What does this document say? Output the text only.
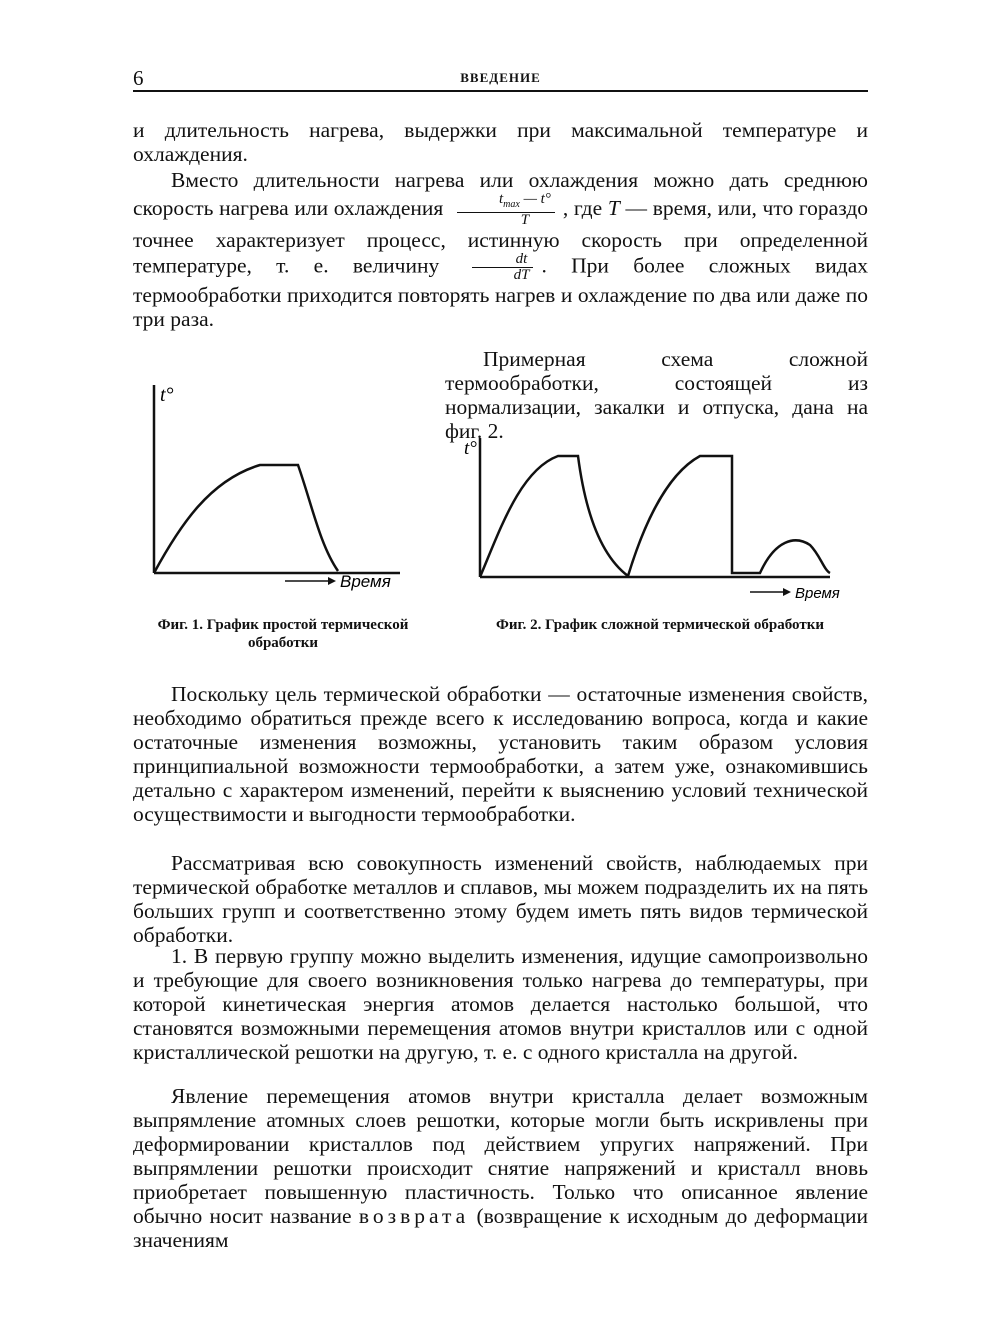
6	ВВЕДЕНИЕ
и длительность нагрева, выдержки при максимальной температуре и охлаждения.
Вместо длительности нагрева или охлаждения можно дать среднюю скорость нагрева или охлаждения $\frac{t_{max} — t^\circ}{T}$ , где T — время, или, что гораздо точнее характеризует процесс, истинную скорость при определенной температуре, т. е. величину $\frac{dt}{dT}$ . При более сложных видах термообработки приходится повторять нагрев и охлаждение по два или даже по три раза.
Примерная схема сложной термообработки, состоящей из нормализации, закалки и отпуска, дана на фиг. 2.
t°
Время
t°
Время
Фиг. 1. График простой термической обработки
Фиг. 2. График сложной термической обработки
Поскольку цель термической обработки — остаточные изменения свойств, необходимо обратиться прежде всего к исследованию вопроса, когда и какие остаточные изменения возможны, установить таким образом условия принципиальной возможности термообработки, а затем уже, ознакомившись детально с характером изменений, перейти к выяснению условий технической осуществимости и выгодности термообработки.
Рассматривая всю совокупность изменений свойств, наблюдаемых при термической обработке металлов и сплавов, мы можем подразделить их на пять больших групп и соответственно этому будем иметь пять видов термической обработки.
1. В первую группу можно выделить изменения, идущие самопроизвольно и требующие для своего возникновения только нагрева до температуры, при которой кинетическая энергия атомов делается настолько большой, что становятся возможными перемещения атомов внутри кристаллов или с одной кристаллической решотки на другую, т. е. с одного кристалла на другой.
Явление перемещения атомов внутри кристалла делает возможным выпрямление атомных слоев решотки, которые могли быть искривлены при деформировании кристаллов под действием упругих напряжений. При выпрямлении решотки происходит снятие напряжений и кристалл вновь приобретает повышенную пластичность. Только что описанное явление обычно носит название возврата (возвращение к исходным до деформации значениям
